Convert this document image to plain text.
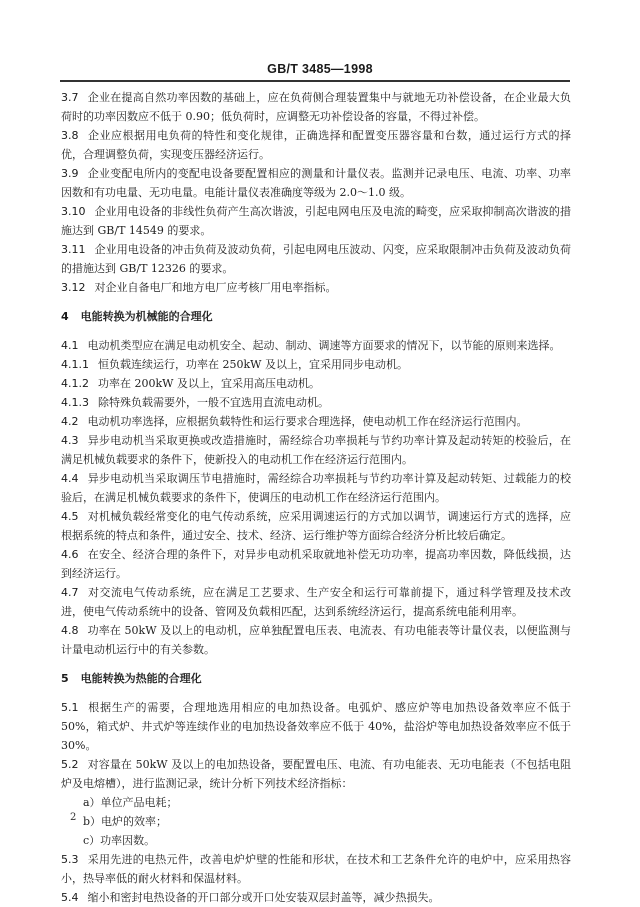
GB/T 3485—1998

3.7 企业在提高自然功率因数的基础上，应在负荷侧合理装置集中与就地无功补偿设备，在企业最大负荷时的功率因数应不低于 0.90；低负荷时，应调整无功补偿设备的容量，不得过补偿。

3.8 企业应根据用电负荷的特性和变化规律，正确选择和配置变压器容量和台数，通过运行方式的择优，合理调整负荷，实现变压器经济运行。

3.9 企业变配电所内的变配电设备要配置相应的测量和计量仪表。监测并记录电压、电流、功率、功率因数和有功电量、无功电量。电能计量仪表准确度等级为 2.0～1.0 级。

3.10 企业用电设备的非线性负荷产生高次谐波，引起电网电压及电流的畸变，应采取抑制高次谐波的措施达到 GB/T 14549 的要求。

3.11 企业用电设备的冲击负荷及波动负荷，引起电网电压波动、闪变，应采取限制冲击负荷及波动负荷的措施达到 GB/T 12326 的要求。

3.12 对企业自备电厂和地方电厂应考核厂用电率指标。

4 电能转换为机械能的合理化

4.1 电动机类型应在满足电动机安全、起动、制动、调速等方面要求的情况下，以节能的原则来选择。

4.1.1 恒负载连续运行，功率在 250kW 及以上，宜采用同步电动机。

4.1.2 功率在 200kW 及以上，宜采用高压电动机。

4.1.3 除特殊负载需要外，一般不宜选用直流电动机。

4.2 电动机功率选择，应根据负载特性和运行要求合理选择，使电动机工作在经济运行范围内。

4.3 异步电动机当采取更换或改造措施时，需经综合功率损耗与节约功率计算及起动转矩的校验后，在满足机械负载要求的条件下，使新投入的电动机工作在经济运行范围内。

4.4 异步电动机当采取调压节电措施时，需经综合功率损耗与节约功率计算及起动转矩、过载能力的校验后，在满足机械负载要求的条件下，使调压的电动机工作在经济运行范围内。

4.5 对机械负载经常变化的电气传动系统，应采用调速运行的方式加以调节，调速运行方式的选择，应根据系统的特点和条件，通过安全、技术、经济、运行维护等方面综合经济分析比较后确定。

4.6 在安全、经济合理的条件下，对异步电动机采取就地补偿无功功率，提高功率因数，降低线损，达到经济运行。

4.7 对交流电气传动系统，应在满足工艺要求、生产安全和运行可靠前提下，通过科学管理及技术改进，使电气传动系统中的设备、管网及负载相匹配，达到系统经济运行，提高系统电能利用率。

4.8 功率在 50kW 及以上的电动机，应单独配置电压表、电流表、有功电能表等计量仪表，以便监测与计量电动机运行中的有关参数。

5 电能转换为热能的合理化

5.1 根据生产的需要，合理地选用相应的电加热设备。电弧炉、感应炉等电加热设备效率应不低于 50%，箱式炉、井式炉等连续作业的电加热设备效率应不低于 40%，盐浴炉等电加热设备效率应不低于 30%。

5.2 对容量在 50kW 及以上的电加热设备，要配置电压、电流、有功电能表、无功电能表（不包括电阻炉及电熔槽），进行监测记录，统计分析下列技术经济指标：

a）单位产品电耗；

b）电炉的效率；

c）功率因数。

5.3 采用先进的电热元件，改善电炉炉壁的性能和形状，在技术和工艺条件允许的电炉中，应采用热容小，热导率低的耐火材料和保温材料。

5.4 缩小和密封电热设备的开口部分或开口处安装双层封盖等，减少热损失。

2
